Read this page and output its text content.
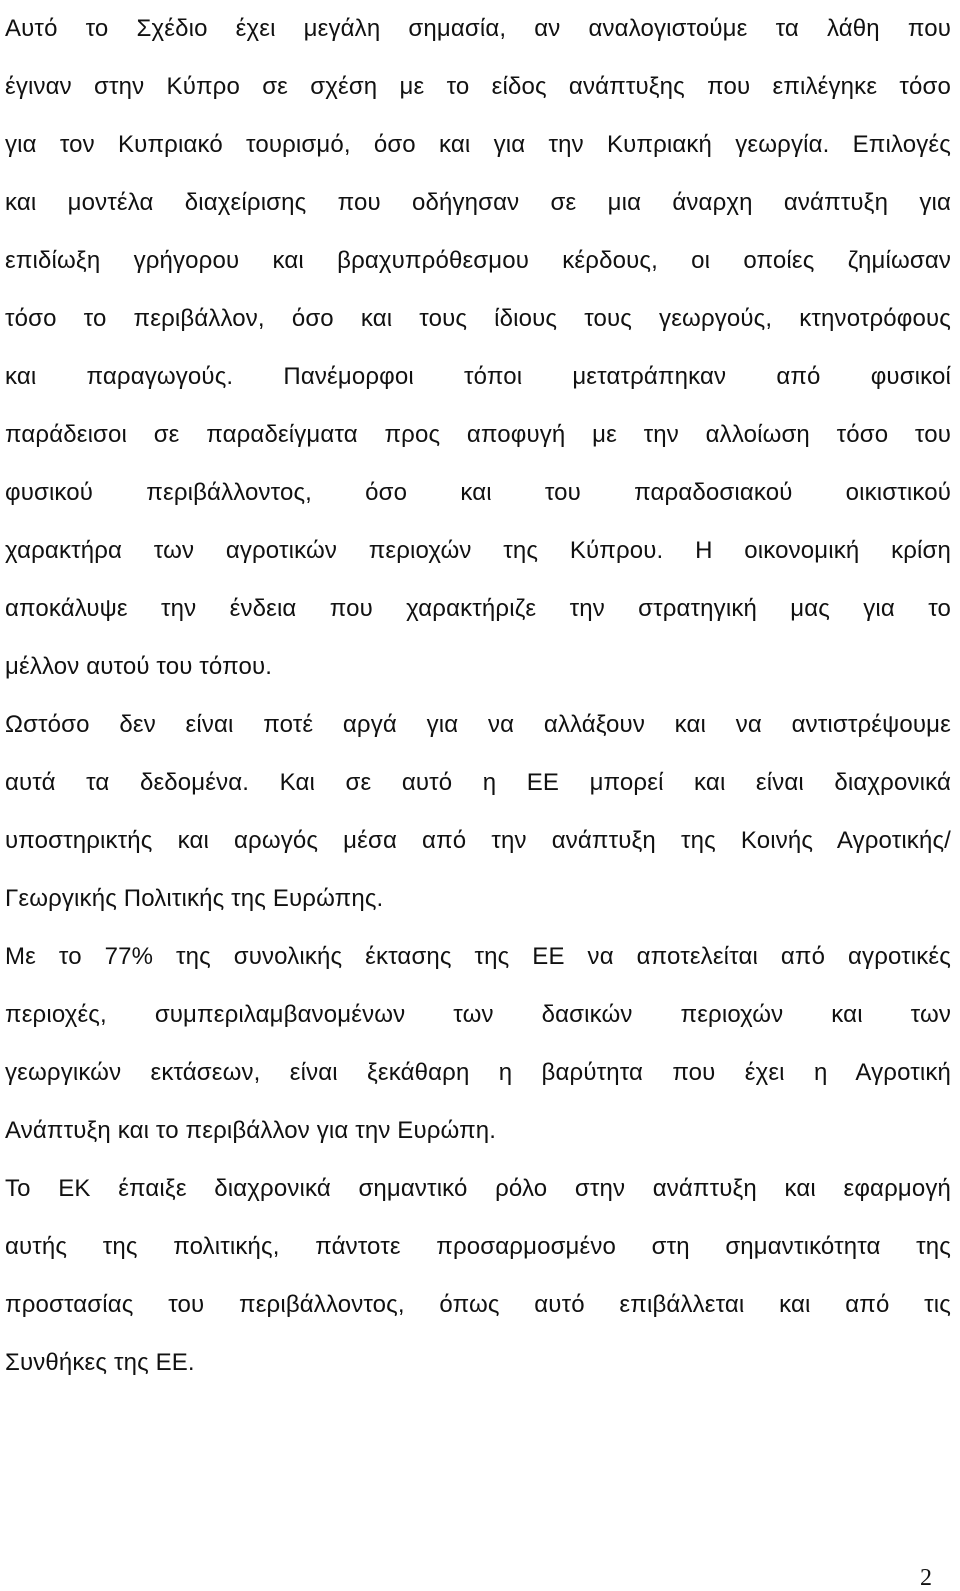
Αυτό το Σχέδιο έχει μεγάλη σημασία, αν αναλογιστούμε τα λάθη που
έγιναν στην Κύπρο σε σχέση με το είδος ανάπτυξης που επιλέγηκε τόσο
για τον Κυπριακό τουρισμό, όσο και για την Κυπριακή γεωργία. Επιλογές
και μοντέλα διαχείρισης που οδήγησαν σε μια άναρχη ανάπτυξη για
επιδίωξη γρήγορου και βραχυπρόθεσμου κέρδους, οι οποίες ζημίωσαν
τόσο το περιβάλλον, όσο και τους ίδιους τους γεωργούς, κτηνοτρόφους
και παραγωγούς. Πανέμορφοι τόποι μετατράπηκαν από φυσικοί
παράδεισοι σε παραδείγματα προς αποφυγή με την αλλοίωση τόσο του
φυσικού περιβάλλοντος, όσο και του παραδοσιακού οικιστικού
χαρακτήρα των αγροτικών περιοχών της Κύπρου. Η οικονομική κρίση
αποκάλυψε την ένδεια που χαρακτήριζε την στρατηγική μας για το
μέλλον αυτού του τόπου.
Ωστόσο δεν είναι ποτέ αργά για να αλλάξουν και να αντιστρέψουμε
αυτά τα δεδομένα. Και σε αυτό η ΕΕ μπορεί και είναι διαχρονικά
υποστηρικτής και αρωγός μέσα από την ανάπτυξη της Κοινής Αγροτικής/
Γεωργικής Πολιτικής της Ευρώπης.
Με το 77% της συνολικής έκτασης της ΕΕ να αποτελείται από αγροτικές
περιοχές, συμπεριλαμβανομένων των δασικών περιοχών και των
γεωργικών εκτάσεων, είναι ξεκάθαρη η βαρύτητα που έχει η Αγροτική
Ανάπτυξη και το περιβάλλον για την Ευρώπη.
Το ΕΚ έπαιξε διαχρονικά σημαντικό ρόλο στην ανάπτυξη και εφαρμογή
αυτής της πολιτικής, πάντοτε προσαρμοσμένο στη σημαντικότητα της
προστασίας του περιβάλλοντος, όπως αυτό επιβάλλεται και από τις
Συνθήκες της ΕΕ.
2
